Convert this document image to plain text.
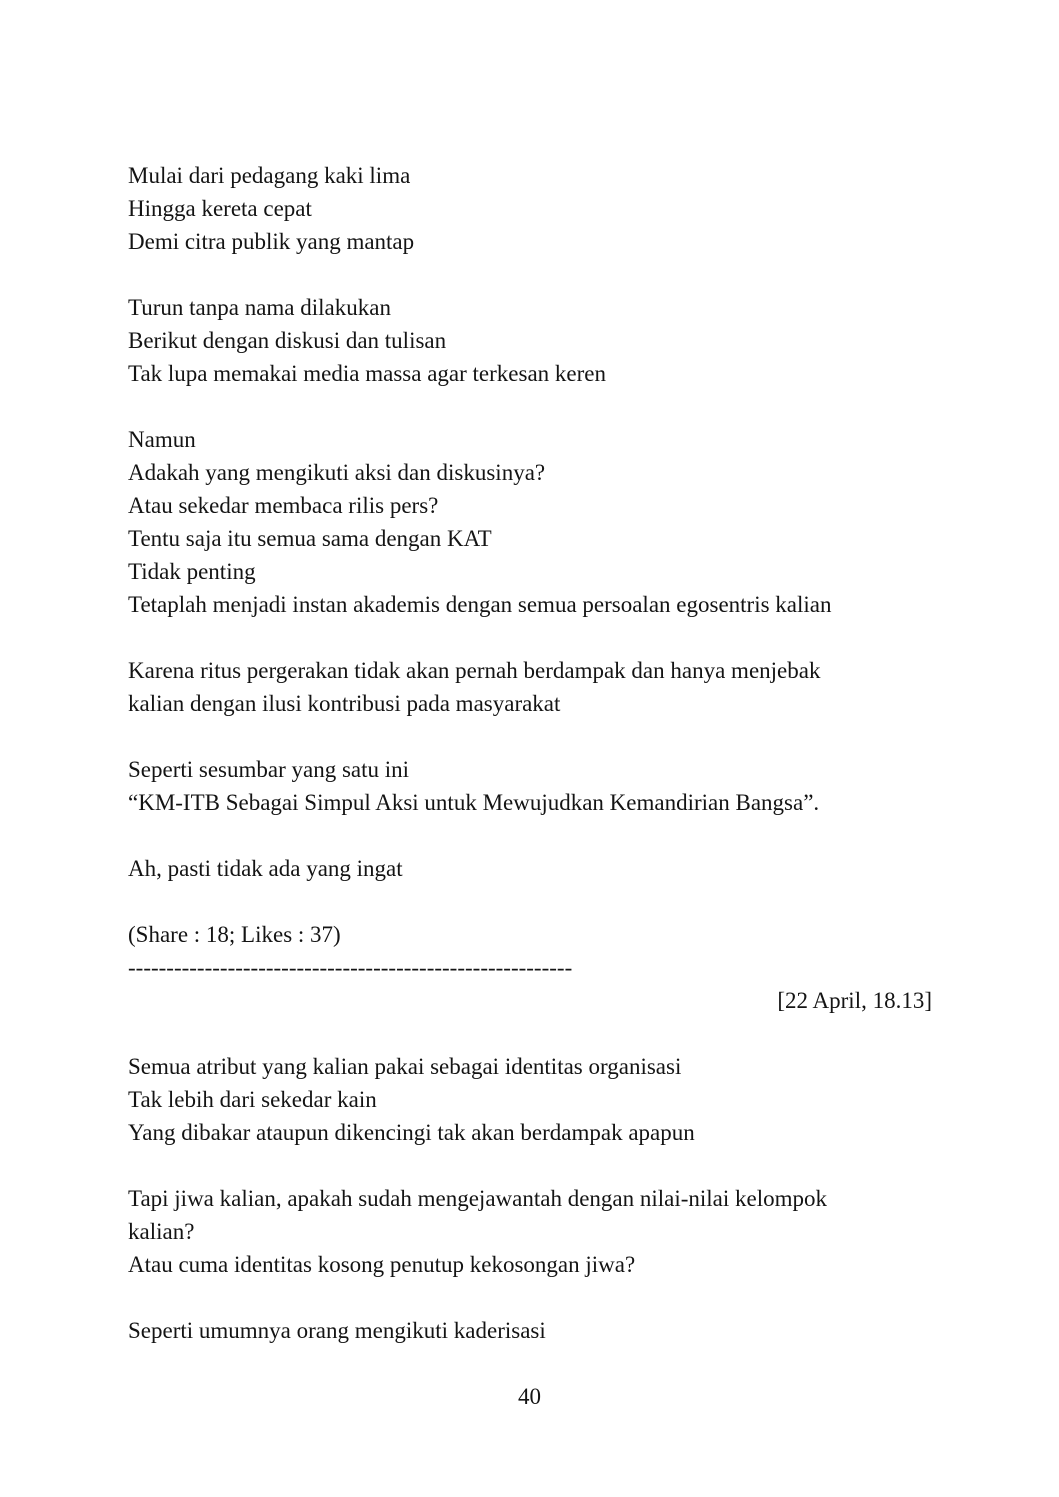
Mulai dari pedagang kaki lima
Hingga kereta cepat
Demi citra publik yang mantap
Turun tanpa nama dilakukan
Berikut dengan diskusi dan tulisan
Tak lupa memakai media massa agar terkesan keren
Namun
Adakah yang mengikuti aksi dan diskusinya?
Atau sekedar membaca rilis pers?
Tentu saja itu semua sama dengan KAT
Tidak penting
Tetaplah menjadi instan akademis dengan semua persoalan egosentris kalian
Karena ritus pergerakan tidak akan pernah berdampak dan hanya menjebak
kalian dengan ilusi kontribusi pada masyarakat
Seperti sesumbar yang satu ini
“KM-ITB Sebagai Simpul Aksi untuk Mewujudkan Kemandirian Bangsa”.
Ah, pasti tidak ada yang ingat
(Share : 18; Likes : 37)
----------------------------------------------------------
[22 April, 18.13]
Semua atribut yang kalian pakai sebagai identitas organisasi
Tak lebih dari sekedar kain
Yang dibakar ataupun dikencingi tak akan berdampak apapun
Tapi jiwa kalian, apakah sudah mengejawantah dengan nilai-nilai kelompok
kalian?
Atau cuma identitas kosong penutup kekosongan jiwa?
Seperti umumnya orang mengikuti kaderisasi
40
